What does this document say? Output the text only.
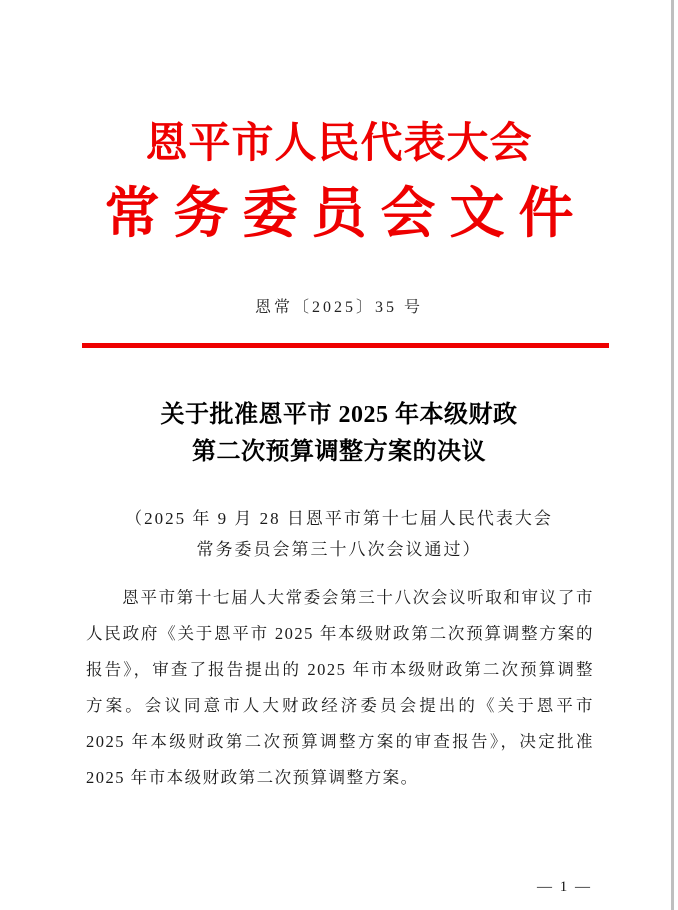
恩平市人民代表大会
常务委员会文件
恩常〔2025〕35 号
关于批准恩平市 2025 年本级财政
第二次预算调整方案的决议
（2025 年 9 月 28 日恩平市第十七届人民代表大会
常务委员会第三十八次会议通过）
恩平市第十七届人大常委会第三十八次会议听取和审议了市人民政府《关于恩平市 2025 年本级财政第二次预算调整方案的报告》，审查了报告提出的 2025 年市本级财政第二次预算调整方案。会议同意市人大财政经济委员会提出的《关于恩平市 2025 年本级财政第二次预算调整方案的审查报告》，决定批准 2025 年市本级财政第二次预算调整方案。
— 1 —
